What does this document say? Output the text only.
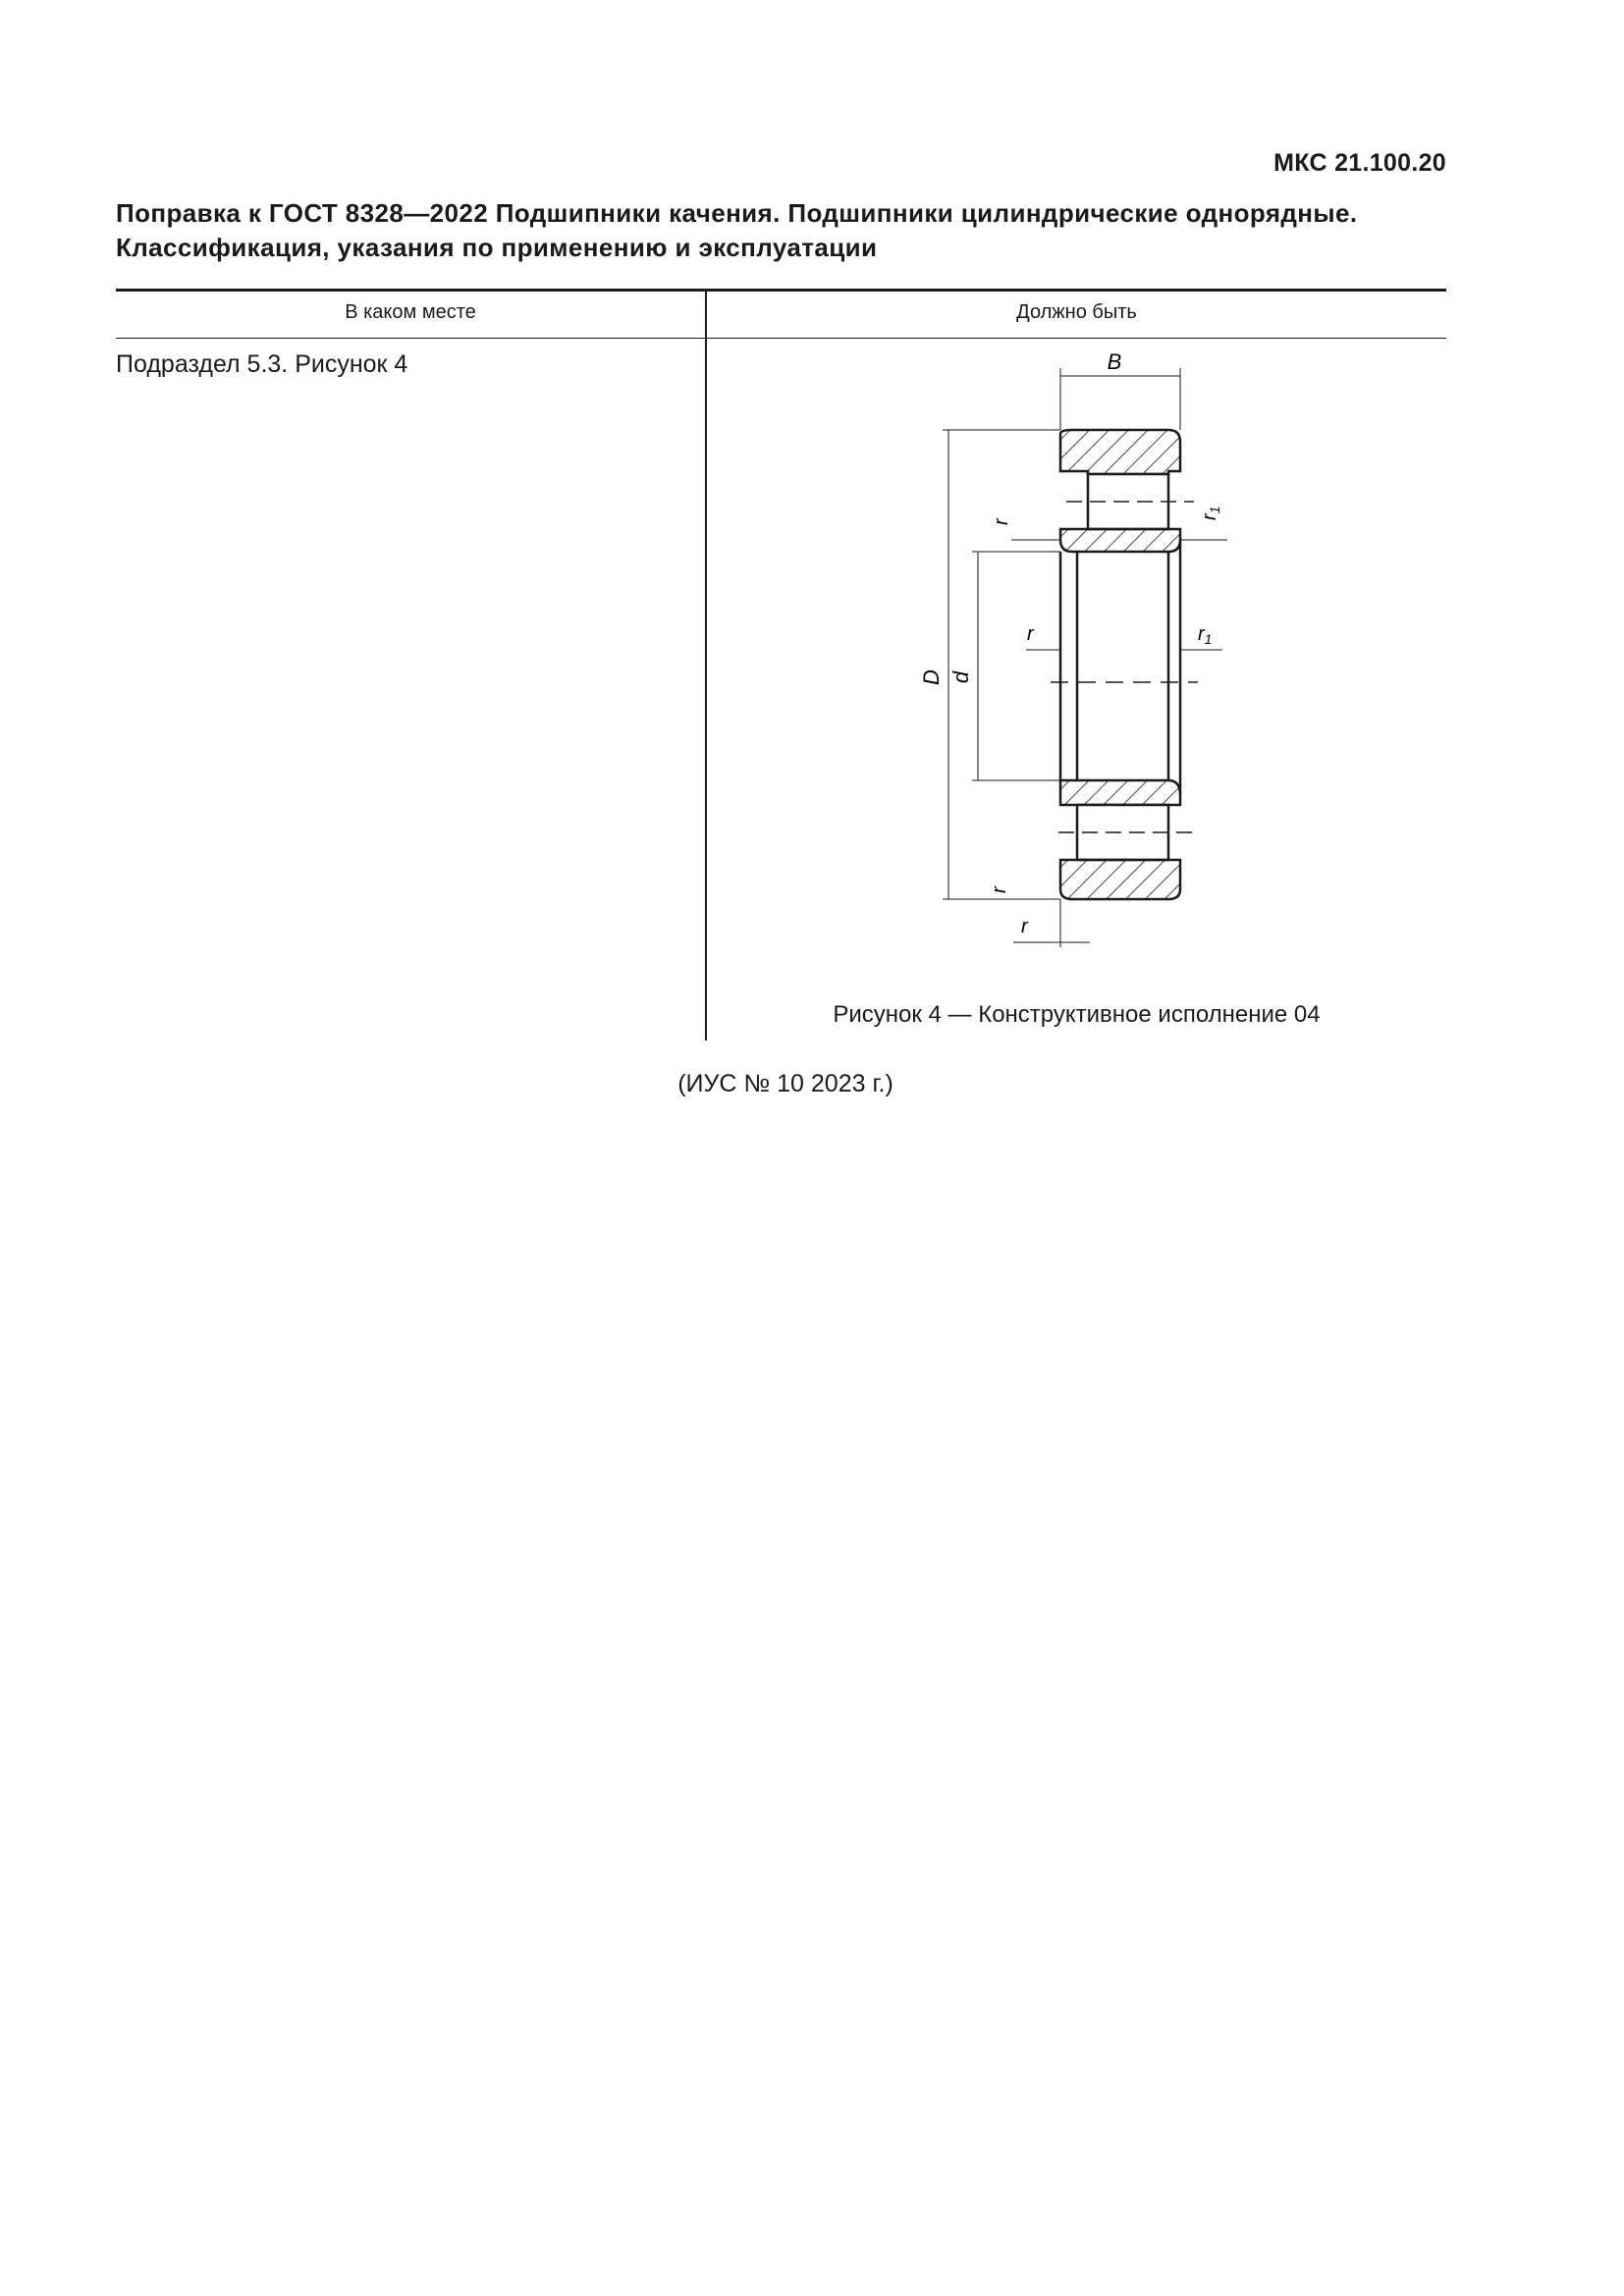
МКС 21.100.20
Поправка к ГОСТ 8328—2022 Подшипники качения. Подшипники цилиндрические однорядные. Классификация, указания по применению и эксплуатации
В каком месте	Должно быть
Подраздел 5.3. Рисунок 4	B
D d
r
r	$r_1$
$r_1$
r
r
Рисунок 4 — Конструктивное исполнение 04
(ИУС № 10 2023 г.)
